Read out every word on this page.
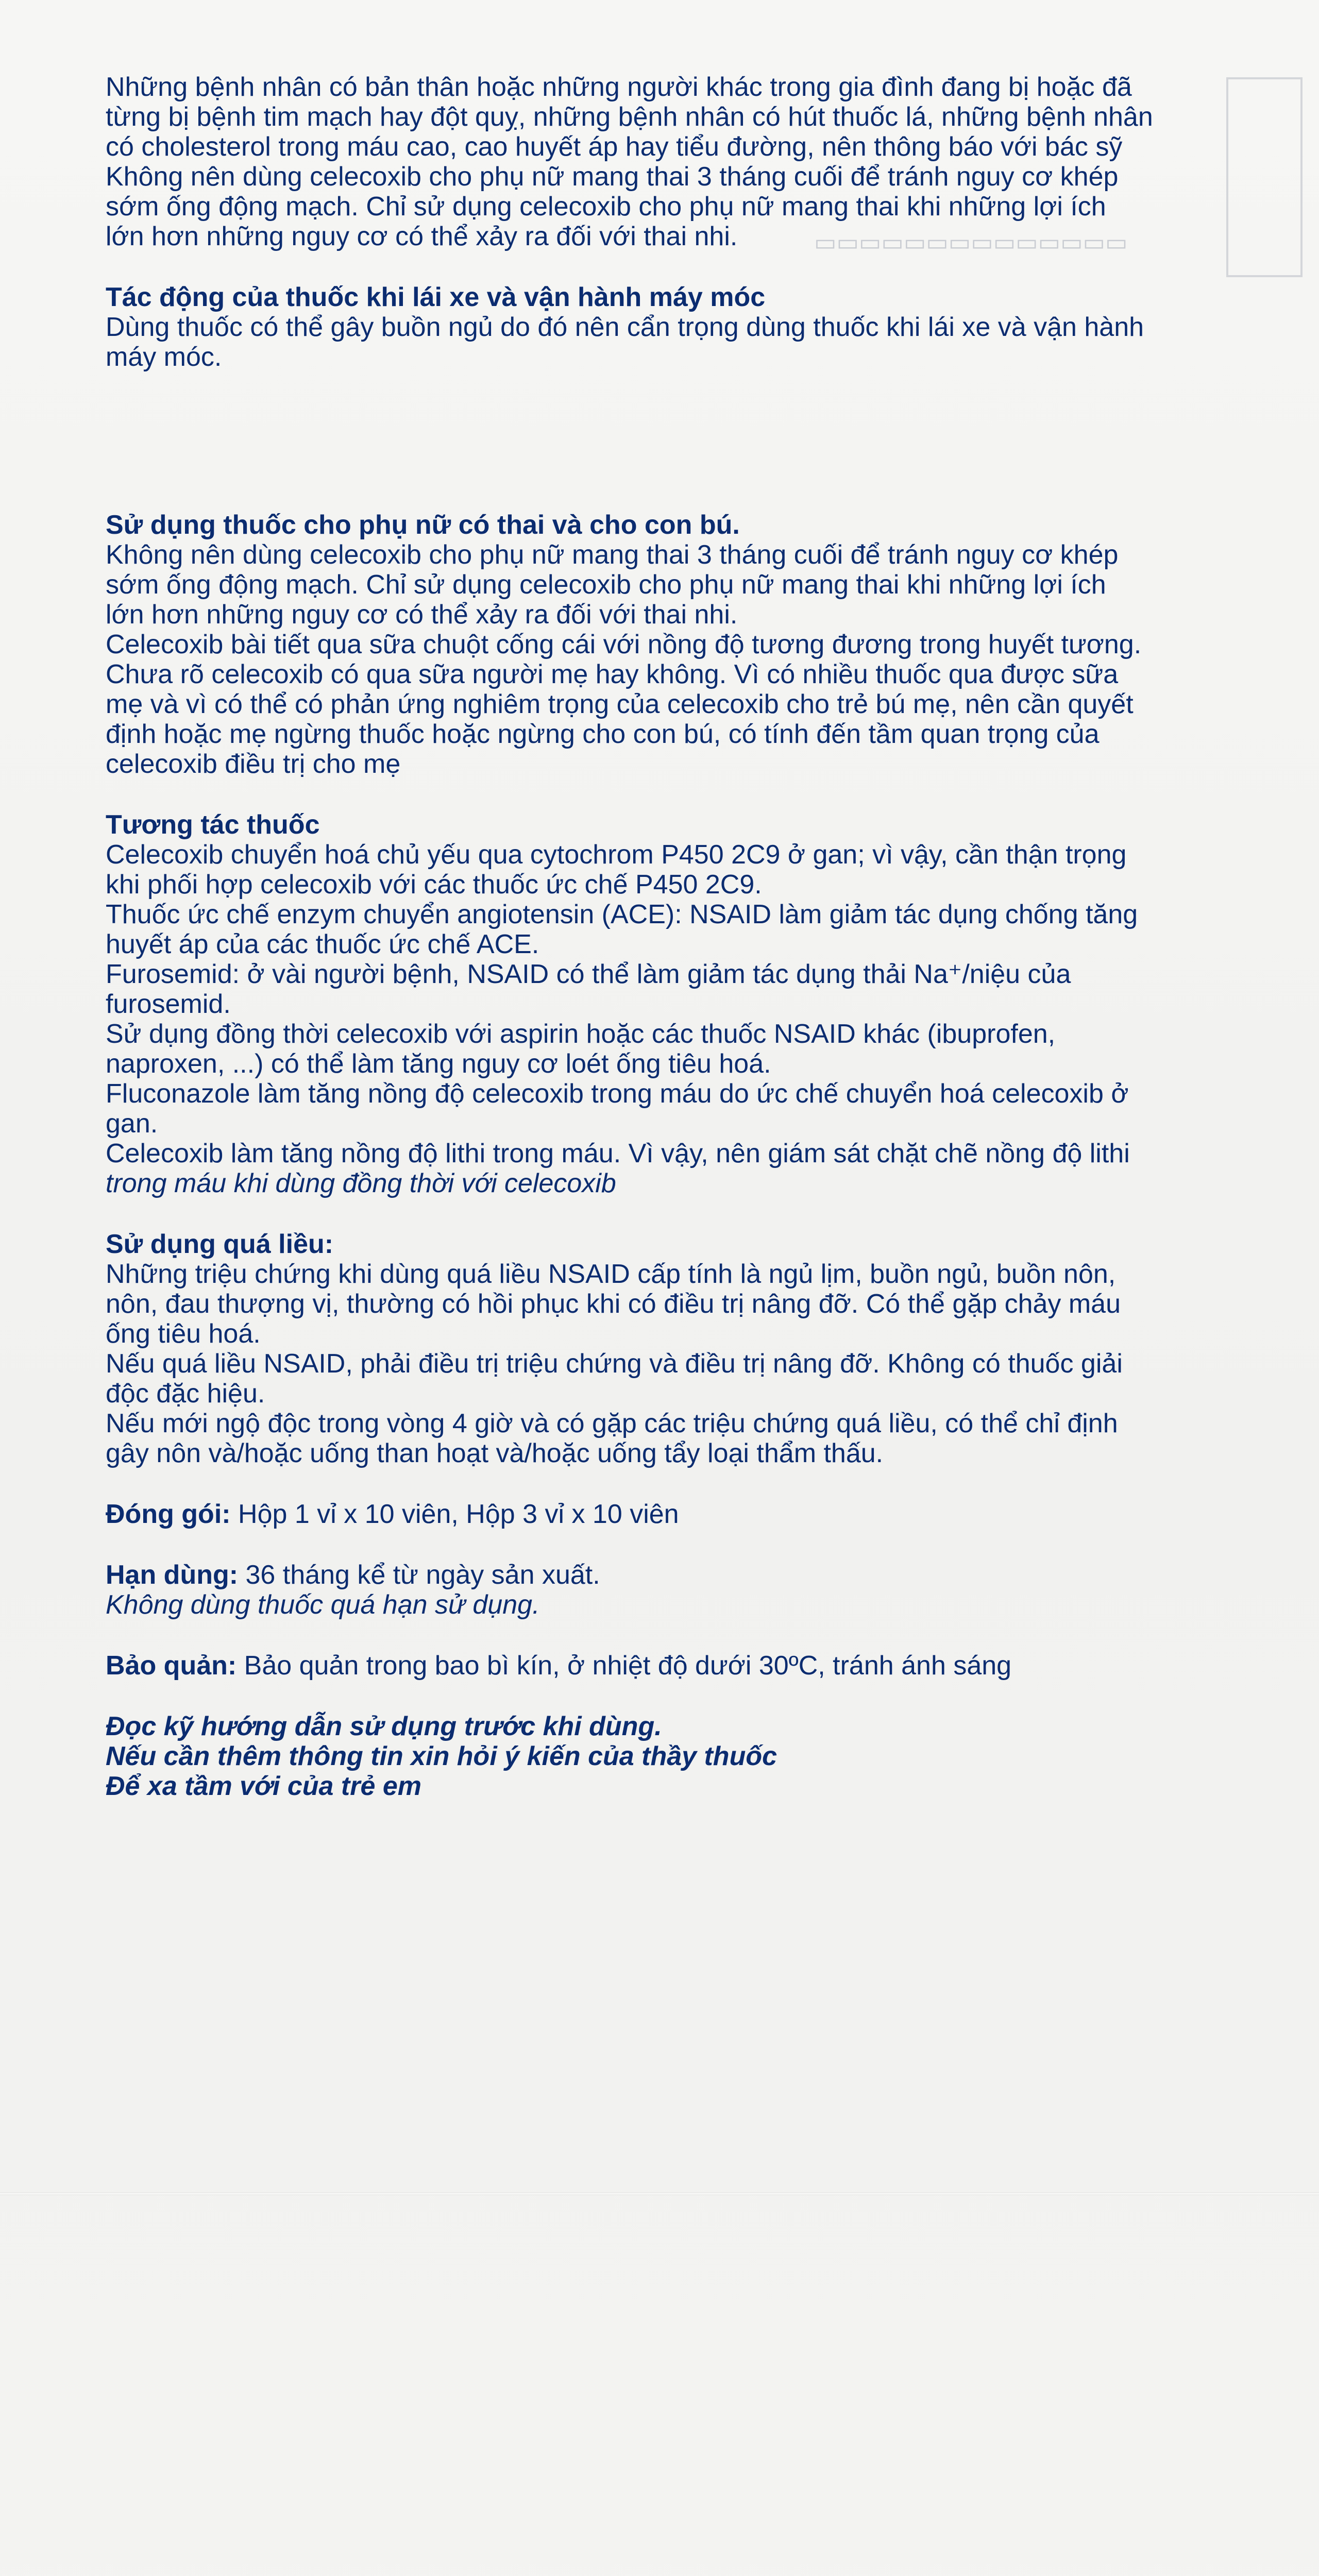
▭▭▭▭▭▭▭▭▭▭▭▭▭▭

Những bệnh nhân có bản thân hoặc những người khác trong gia đình đang bị hoặc đã

từng bị bệnh tim mạch hay đột quỵ, những bệnh nhân có hút thuốc lá, những bệnh nhân

có cholesterol trong máu cao, cao huyết áp hay tiểu đường, nên thông báo với bác sỹ

Không nên dùng celecoxib cho phụ nữ mang thai 3 tháng cuối để tránh nguy cơ khép

sớm ống động mạch. Chỉ sử dụng celecoxib cho phụ nữ mang thai khi những lợi ích

lớn hơn những nguy cơ có thể xảy ra đối với thai nhi.

Tác động của thuốc khi lái xe và vận hành máy móc

Dùng thuốc có thể gây buồn ngủ do đó nên cẩn trọng dùng thuốc khi lái xe và vận hành

máy móc.

Sử dụng thuốc cho phụ nữ có thai và cho con bú.

Không nên dùng celecoxib cho phụ nữ mang thai 3 tháng cuối để tránh nguy cơ khép

sớm ống động mạch. Chỉ sử dụng celecoxib cho phụ nữ mang thai khi những lợi ích

lớn hơn những nguy cơ có thể xảy ra đối với thai nhi.

Celecoxib bài tiết qua sữa chuột cống cái với nồng độ tương đương trong huyết tương.

Chưa rõ celecoxib có qua sữa người mẹ hay không. Vì có nhiều thuốc qua được sữa

mẹ và vì có thể có phản ứng nghiêm trọng của celecoxib cho trẻ bú mẹ, nên cần quyết

định hoặc mẹ ngừng thuốc hoặc ngừng cho con bú, có tính đến tầm quan trọng của

celecoxib điều trị cho mẹ

Tương tác thuốc

Celecoxib chuyển hoá chủ yếu qua cytochrom P450 2C9 ở gan; vì vậy, cần thận trọng

khi phối hợp celecoxib với các thuốc ức chế P450 2C9.

Thuốc ức chế enzym chuyển angiotensin (ACE): NSAID làm giảm tác dụng chống tăng

huyết áp của các thuốc ức chế ACE.

Furosemid: ở vài người bệnh, NSAID có thể làm giảm tác dụng thải Na⁺/niệu của

furosemid.

Sử dụng đồng thời celecoxib với aspirin hoặc các thuốc NSAID khác (ibuprofen,

naproxen, ...) có thể làm tăng nguy cơ loét ống tiêu hoá.

Fluconazole làm tăng nồng độ celecoxib trong máu do ức chế chuyển hoá celecoxib ở

gan.

Celecoxib làm tăng nồng độ lithi trong máu. Vì vậy, nên giám sát chặt chẽ nồng độ lithi

trong máu khi dùng đồng thời với celecoxib

Sử dụng quá liều:

Những triệu chứng khi dùng quá liều NSAID cấp tính là ngủ lịm, buồn ngủ, buồn nôn,

nôn, đau thượng vị, thường có hồi phục khi có điều trị nâng đỡ. Có thể gặp chảy máu

ống tiêu hoá.

Nếu quá liều NSAID, phải điều trị triệu chứng và điều trị nâng đỡ. Không có thuốc giải

độc đặc hiệu.

Nếu mới ngộ độc trong vòng 4 giờ và có gặp các triệu chứng quá liều, có thể chỉ định

gây nôn và/hoặc uống than hoạt và/hoặc uống tẩy loại thẩm thấu.

Đóng gói: Hộp 1 vỉ x 10 viên, Hộp 3 vỉ x 10 viên
Hạn dùng: 36 tháng kể từ ngày sản xuất.

Không dùng thuốc quá hạn sử dụng.

Bảo quản: Bảo quản trong bao bì kín, ở nhiệt độ dưới 30ºC, tránh ánh sáng

Đọc kỹ hướng dẫn sử dụng trước khi dùng.

Nếu cần thêm thông tin xin hỏi ý kiến của thầy thuốc

Để xa tầm với của trẻ em
